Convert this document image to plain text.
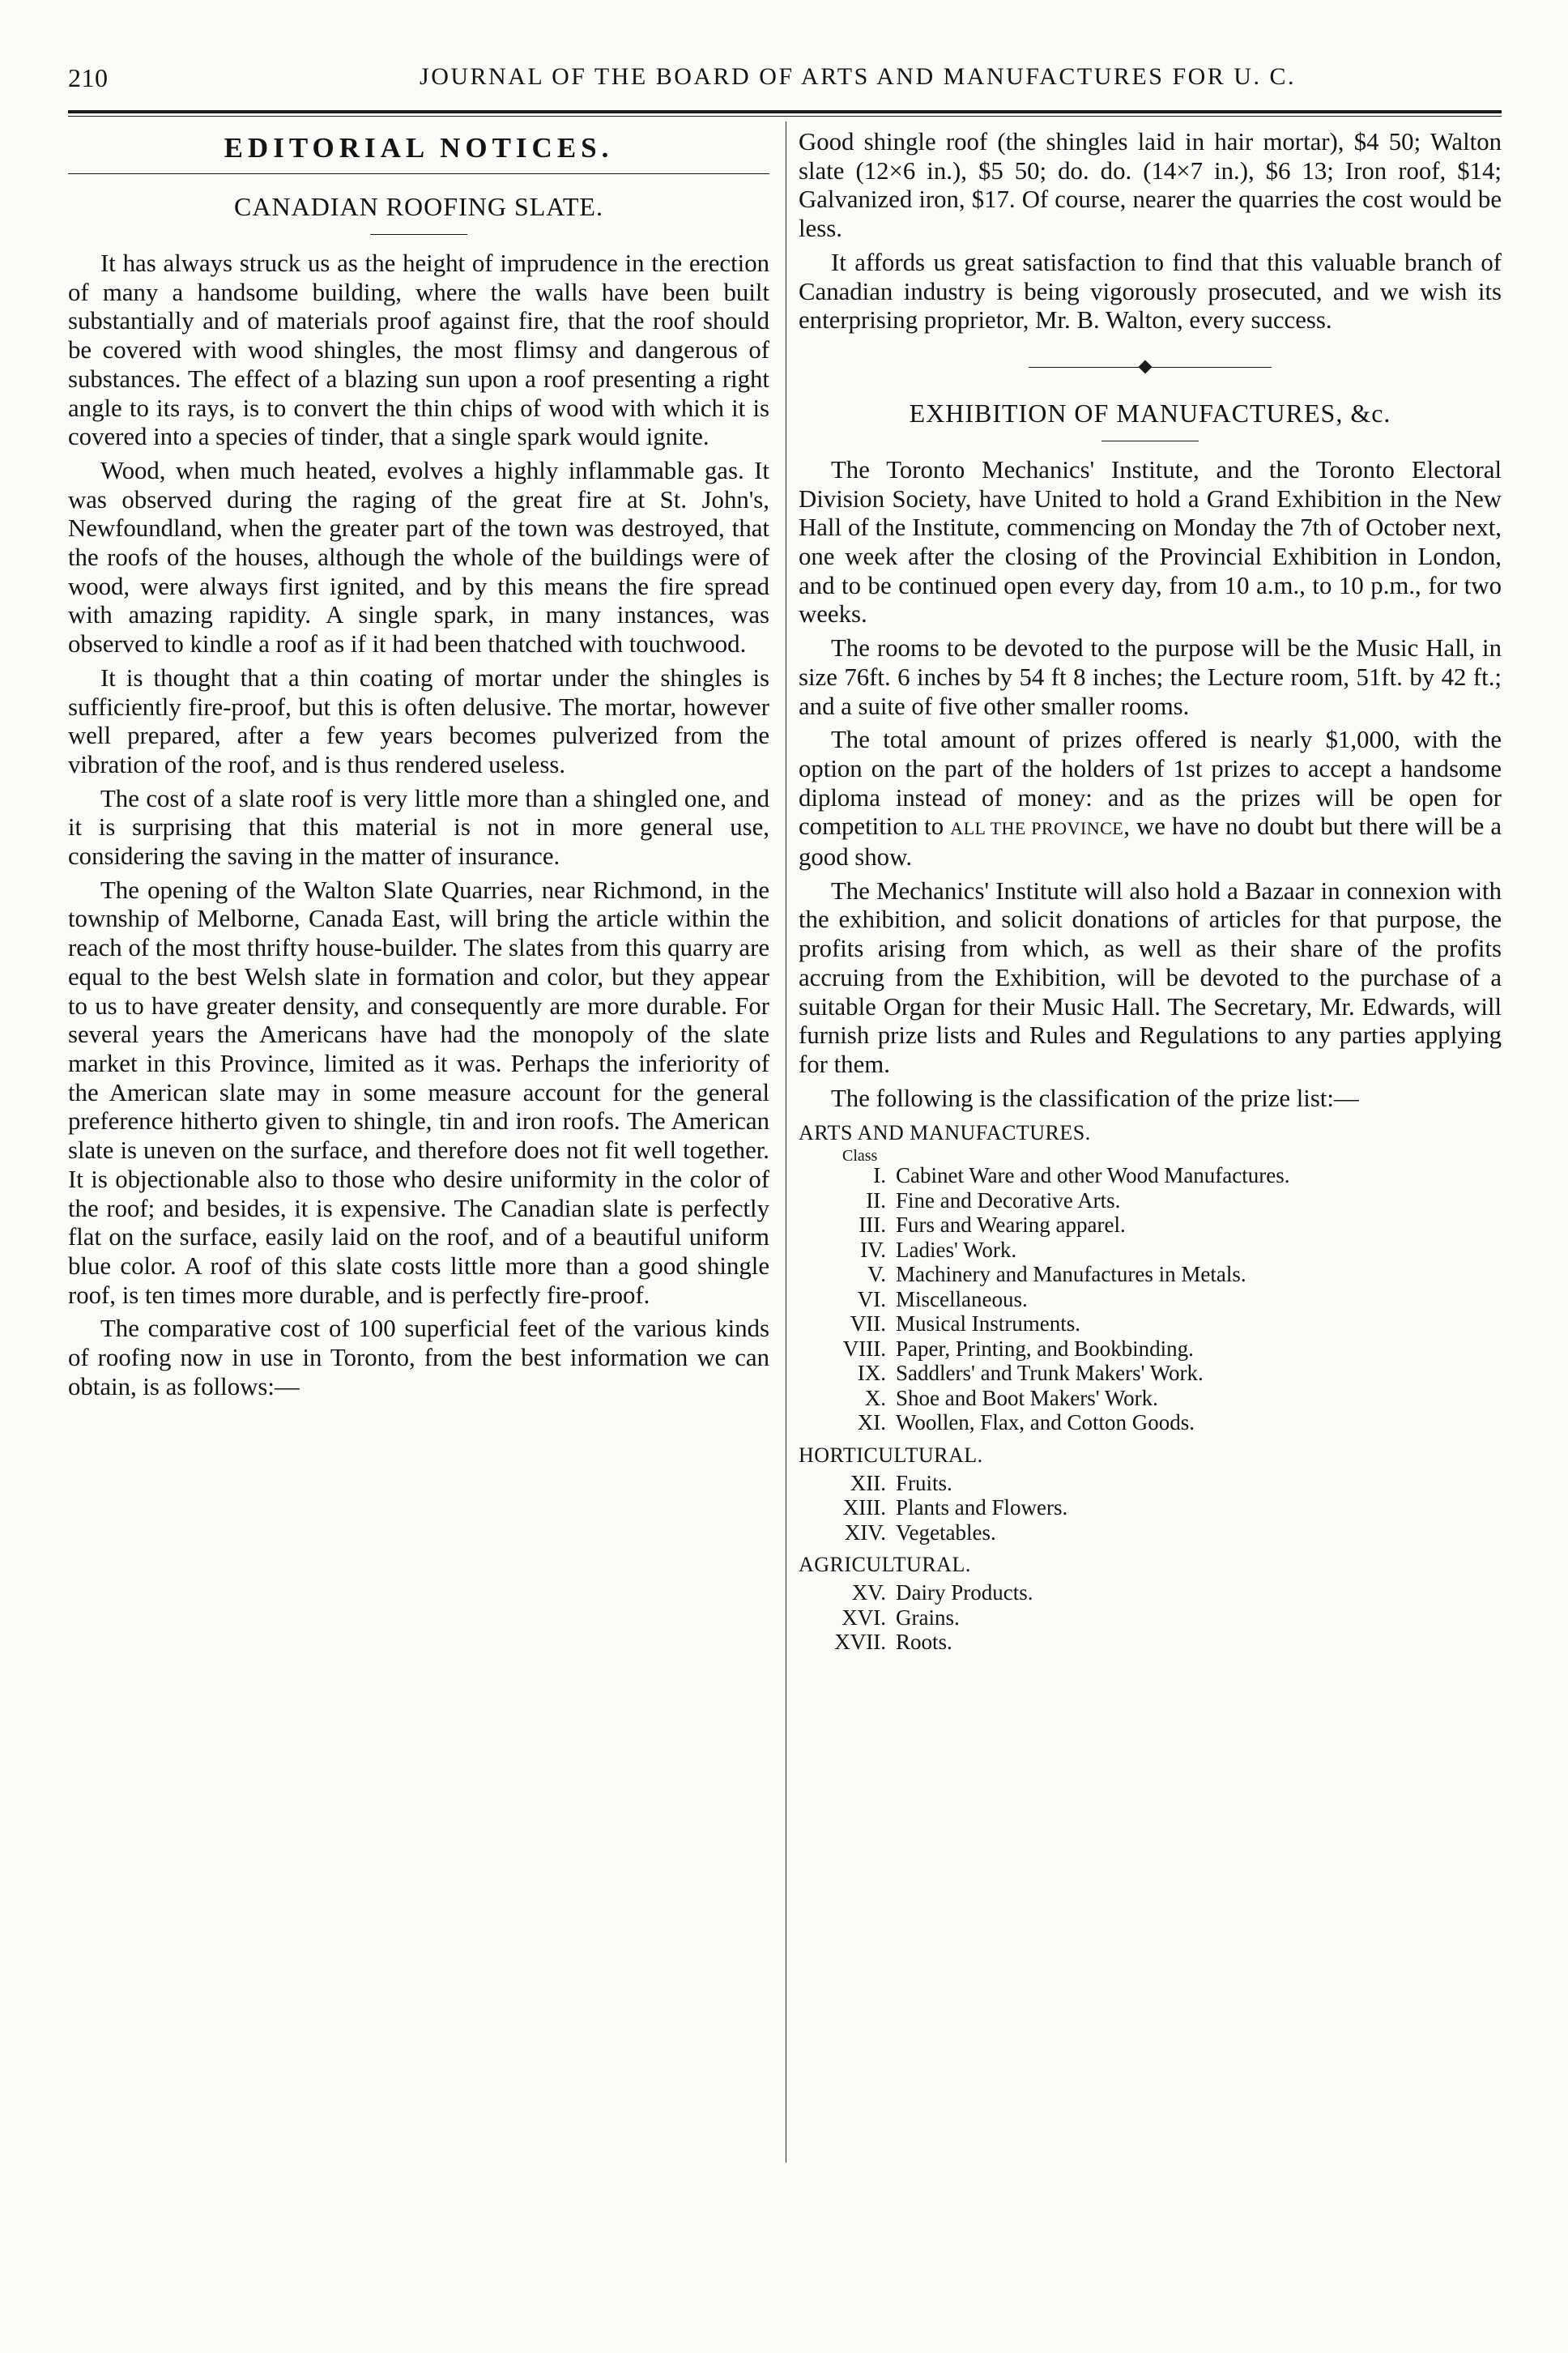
210	JOURNAL OF THE BOARD OF ARTS AND MANUFACTURES FOR U. C.
EDITORIAL NOTICES.
CANADIAN ROOFING SLATE.

It has always struck us as the height of imprudence in the erection of many a handsome building, where the walls have been built substantially and of materials proof against fire, that the roof should be covered with wood shingles, the most flimsy and dangerous of substances. The effect of a blazing sun upon a roof presenting a right angle to its rays, is to convert the thin chips of wood with which it is covered into a species of tinder, that a single spark would ignite.

Wood, when much heated, evolves a highly inflammable gas. It was observed during the raging of the great fire at St. John's, Newfoundland, when the greater part of the town was destroyed, that the roofs of the houses, although the whole of the buildings were of wood, were always first ignited, and by this means the fire spread with amazing rapidity. A single spark, in many instances, was observed to kindle a roof as if it had been thatched with touchwood.

It is thought that a thin coating of mortar under the shingles is sufficiently fire-proof, but this is often delusive. The mortar, however well prepared, after a few years becomes pulverized from the vibration of the roof, and is thus rendered useless.

The cost of a slate roof is very little more than a shingled one, and it is surprising that this material is not in more general use, considering the saving in the matter of insurance.

The opening of the Walton Slate Quarries, near Richmond, in the township of Melborne, Canada East, will bring the article within the reach of the most thrifty house-builder. The slates from this quarry are equal to the best Welsh slate in formation and color, but they appear to us to have greater density, and consequently are more durable. For several years the Americans have had the monopoly of the slate market in this Province, limited as it was. Perhaps the inferiority of the American slate may in some measure account for the general preference hitherto given to shingle, tin and iron roofs. The American slate is uneven on the surface, and therefore does not fit well together. It is objectionable also to those who desire uniformity in the color of the roof; and besides, it is expensive. The Canadian slate is perfectly flat on the surface, easily laid on the roof, and of a beautiful uniform blue color. A roof of this slate costs little more than a good shingle roof, is ten times more durable, and is perfectly fire-proof.

The comparative cost of 100 superficial feet of the various kinds of roofing now in use in Toronto, from the best information we can obtain, is as follows:—

Good shingle roof (the shingles laid in hair mortar), $4 50; Walton slate (12×6 in.), $5 50; do. do. (14×7 in.), $6 13; Iron roof, $14; Galvanized iron, $17. Of course, nearer the quarries the cost would be less.

It affords us great satisfaction to find that this valuable branch of Canadian industry is being vigorously prosecuted, and we wish its enterprising proprietor, Mr. B. Walton, every success.

EXHIBITION OF MANUFACTURES, &c.

The Toronto Mechanics' Institute, and the Toronto Electoral Division Society, have United to hold a Grand Exhibition in the New Hall of the Institute, commencing on Monday the 7th of October next, one week after the closing of the Provincial Exhibition in London, and to be continued open every day, from 10 a.m., to 10 p.m., for two weeks.

The rooms to be devoted to the purpose will be the Music Hall, in size 76ft. 6 inches by 54 ft 8 inches; the Lecture room, 51ft. by 42 ft.; and a suite of five other smaller rooms.

The total amount of prizes offered is nearly $1,000, with the option on the part of the holders of 1st prizes to accept a handsome diploma instead of money: and as the prizes will be open for competition to ALL THE PROVINCE, we have no doubt but there will be a good show.

The Mechanics' Institute will also hold a Bazaar in connexion with the exhibition, and solicit donations of articles for that purpose, the profits arising from which, as well as their share of the profits accruing from the Exhibition, will be devoted to the purchase of a suitable Organ for their Music Hall. The Secretary, Mr. Edwards, will furnish prize lists and Rules and Regulations to any parties applying for them.

The following is the classification of the prize list:—

ARTS AND MANUFACTURES.
Class
I. Cabinet Ware and other Wood Manufactures.
II. Fine and Decorative Arts.
III. Furs and Wearing apparel.
IV. Ladies' Work.
V. Machinery and Manufactures in Metals.
VI. Miscellaneous.
VII. Musical Instruments.
VIII. Paper, Printing, and Bookbinding.
IX. Saddlers' and Trunk Makers' Work.
X. Shoe and Boot Makers' Work.
XI. Woollen, Flax, and Cotton Goods.
HORTICULTURAL.
XII. Fruits.
XIII. Plants and Flowers.
XIV. Vegetables.
AGRICULTURAL.
XV. Dairy Products.
XVI. Grains.
XVII. Roots.
